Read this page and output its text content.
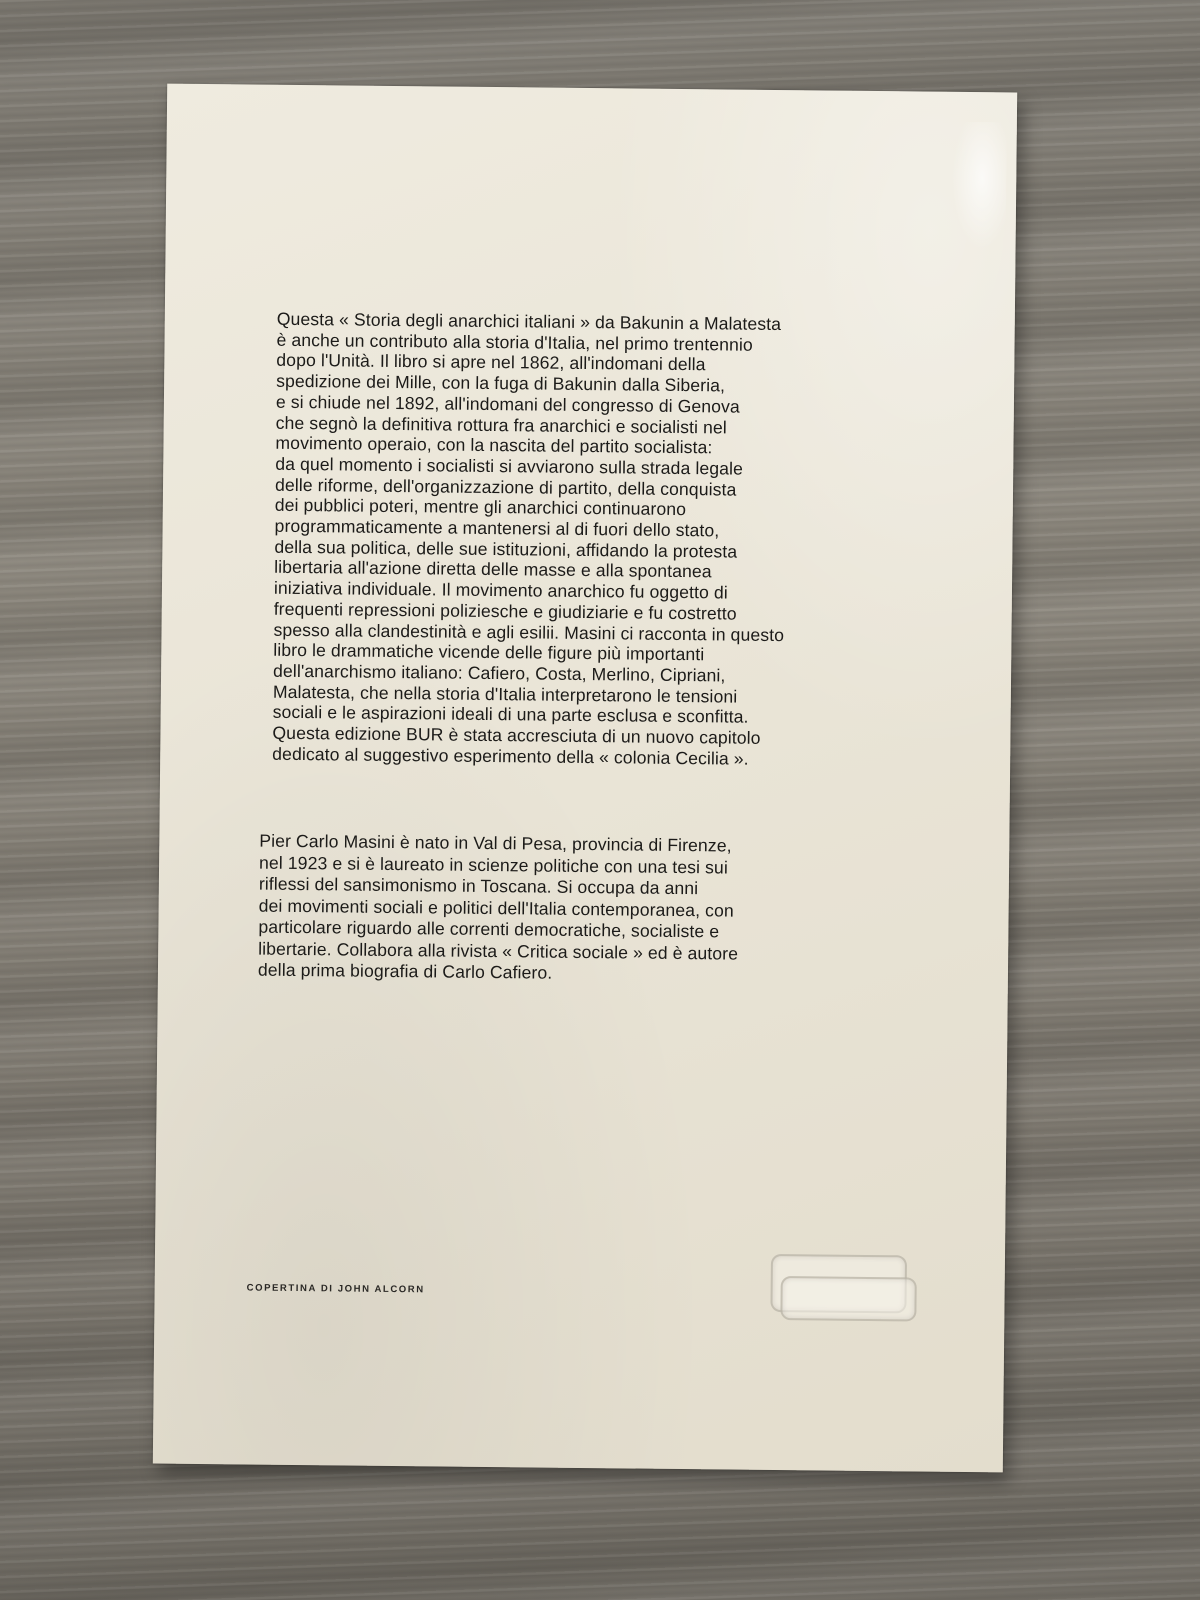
Questa « Storia degli anarchici italiani » da Bakunin a Malatesta
è anche un contributo alla storia d'Italia, nel primo trentennio
dopo l'Unità. Il libro si apre nel 1862, all'indomani della
spedizione dei Mille, con la fuga di Bakunin dalla Siberia,
e si chiude nel 1892, all'indomani del congresso di Genova
che segnò la definitiva rottura fra anarchici e socialisti nel
movimento operaio, con la nascita del partito socialista:
da quel momento i socialisti si avviarono sulla strada legale
delle riforme, dell'organizzazione di partito, della conquista
dei pubblici poteri, mentre gli anarchici continuarono
programmaticamente a mantenersi al di fuori dello stato,
della sua politica, delle sue istituzioni, affidando la protesta
libertaria all'azione diretta delle masse e alla spontanea
iniziativa individuale. Il movimento anarchico fu oggetto di
frequenti repressioni poliziesche e giudiziarie e fu costretto
spesso alla clandestinità e agli esilii. Masini ci racconta in questo
libro le drammatiche vicende delle figure più importanti
dell'anarchismo italiano: Cafiero, Costa, Merlino, Cipriani,
Malatesta, che nella storia d'Italia interpretarono le tensioni
sociali e le aspirazioni ideali di una parte esclusa e sconfitta.
Questa edizione BUR è stata accresciuta di un nuovo capitolo
dedicato al suggestivo esperimento della « colonia Cecilia ».

Pier Carlo Masini è nato in Val di Pesa, provincia di Firenze,
nel 1923 e si è laureato in scienze politiche con una tesi sui
riflessi del sansimonismo in Toscana. Si occupa da anni
dei movimenti sociali e politici dell'Italia contemporanea, con
particolare riguardo alle correnti democratiche, socialiste e
libertarie. Collabora alla rivista « Critica sociale » ed è autore
della prima biografia di Carlo Cafiero.

COPERTINA DI JOHN ALCORN
